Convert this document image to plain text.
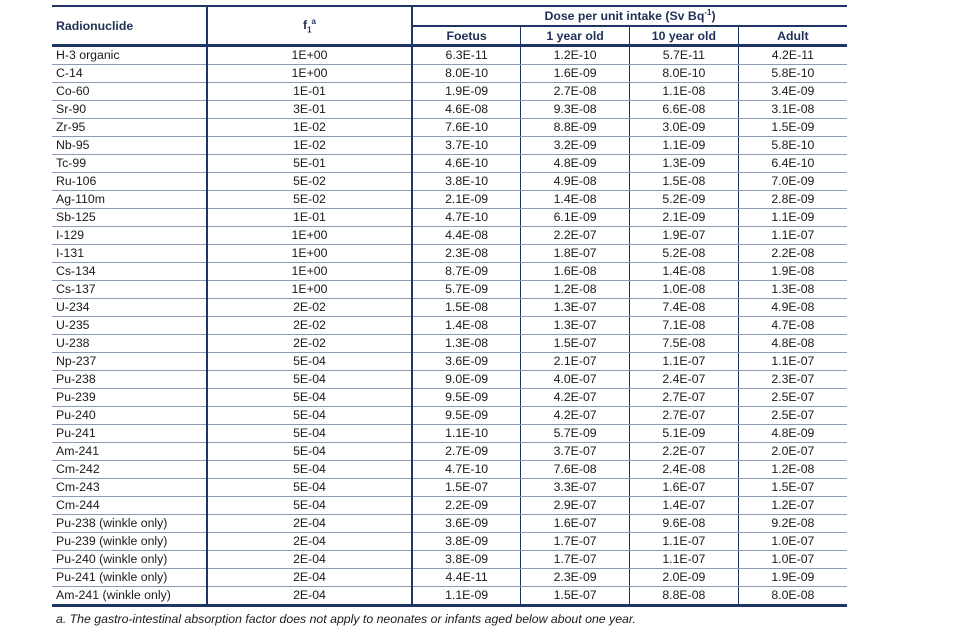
Radionuclide	$f_1^a$	Dose per unit intake (Sv $Bq^{-1}$)			
		Foetus	1 year old	10 year old	Adult
H-3 organic	1E+00	6.3E-11	1.2E-10	5.7E-11	4.2E-11
C-14	1E+00	8.0E-10	1.6E-09	8.0E-10	5.8E-10
Co-60	1E-01	1.9E-09	2.7E-08	1.1E-08	3.4E-09
Sr-90	3E-01	4.6E-08	9.3E-08	6.6E-08	3.1E-08
Zr-95	1E-02	7.6E-10	8.8E-09	3.0E-09	1.5E-09
Nb-95	1E-02	3.7E-10	3.2E-09	1.1E-09	5.8E-10
Tc-99	5E-01	4.6E-10	4.8E-09	1.3E-09	6.4E-10
Ru-106	5E-02	3.8E-10	4.9E-08	1.5E-08	7.0E-09
Ag-110m	5E-02	2.1E-09	1.4E-08	5.2E-09	2.8E-09
Sb-125	1E-01	4.7E-10	6.1E-09	2.1E-09	1.1E-09
I-129	1E+00	4.4E-08	2.2E-07	1.9E-07	1.1E-07
I-131	1E+00	2.3E-08	1.8E-07	5.2E-08	2.2E-08
Cs-134	1E+00	8.7E-09	1.6E-08	1.4E-08	1.9E-08
Cs-137	1E+00	5.7E-09	1.2E-08	1.0E-08	1.3E-08
U-234	2E-02	1.5E-08	1.3E-07	7.4E-08	4.9E-08
U-235	2E-02	1.4E-08	1.3E-07	7.1E-08	4.7E-08
U-238	2E-02	1.3E-08	1.5E-07	7.5E-08	4.8E-08
Np-237	5E-04	3.6E-09	2.1E-07	1.1E-07	1.1E-07
Pu-238	5E-04	9.0E-09	4.0E-07	2.4E-07	2.3E-07
Pu-239	5E-04	9.5E-09	4.2E-07	2.7E-07	2.5E-07
Pu-240	5E-04	9.5E-09	4.2E-07	2.7E-07	2.5E-07
Pu-241	5E-04	1.1E-10	5.7E-09	5.1E-09	4.8E-09
Am-241	5E-04	2.7E-09	3.7E-07	2.2E-07	2.0E-07
Cm-242	5E-04	4.7E-10	7.6E-08	2.4E-08	1.2E-08
Cm-243	5E-04	1.5E-07	3.3E-07	1.6E-07	1.5E-07
Cm-244	5E-04	2.2E-09	2.9E-07	1.4E-07	1.2E-07
Pu-238 (winkle only)	2E-04	3.6E-09	1.6E-07	9.6E-08	9.2E-08
Pu-239 (winkle only)	2E-04	3.8E-09	1.7E-07	1.1E-07	1.0E-07
Pu-240 (winkle only)	2E-04	3.8E-09	1.7E-07	1.1E-07	1.0E-07
Pu-241 (winkle only)	2E-04	4.4E-11	2.3E-09	2.0E-09	1.9E-09
Am-241 (winkle only)	2E-04	1.1E-09	1.5E-07	8.8E-08	8.0E-08
a. The gastro-intestinal absorption factor does not apply to neonates or infants aged below about one year.
